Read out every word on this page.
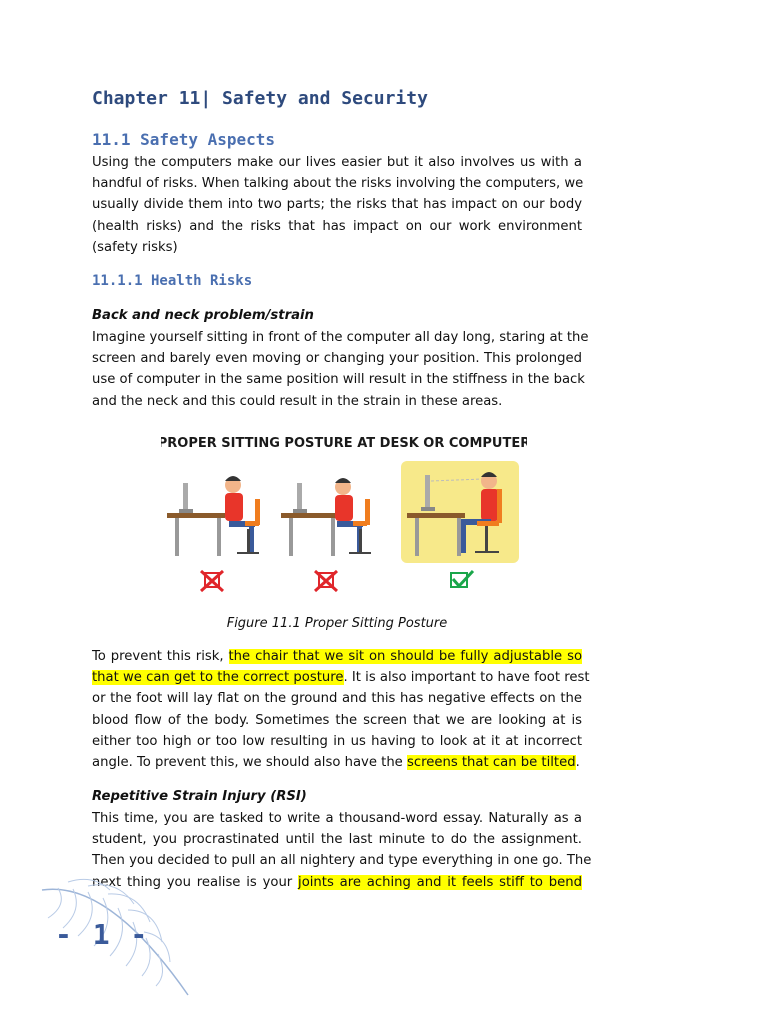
Chapter 11| Safety and Security
11.1 Safety Aspects

Using the computers make our lives easier but it also involves us with a
handful of risks. When talking about the risks involving the computers, we
usually divide them into two parts; the risks that has impact on our body
(health risks) and the risks that has impact on our work environment
(safety risks)

11.1.1 Health Risks

Back and neck problem/strain

Imagine yourself sitting in front of the computer all day long, staring at the
screen and barely even moving or changing your position. This prolonged
use of computer in the same position will result in the stiffness in the back
and the neck and this could result in the strain in these areas.

Figure 11.1 Proper Sitting Posture

To prevent this risk, the chair that we sit on should be fully adjustable so
that we can get to the correct posture. It is also important to have foot rest
or the foot will lay flat on the ground and this has negative effects on the
blood flow of the body. Sometimes the screen that we are looking at is
either too high or too low resulting in us having to look at it at incorrect
angle. To prevent this, we should also have the screens that can be tilted.

Repetitive Strain Injury (RSI)

This time, you are tasked to write a thousand-word essay. Naturally as a
student, you procrastinated until the last minute to do the assignment.
Then you decided to pull an all nightery and type everything in one go. The
next thing you realise is your joints are aching and it feels stiff to bend

PROPER SITTING POSTURE AT DESK OR COMPUTER
- 1 -
